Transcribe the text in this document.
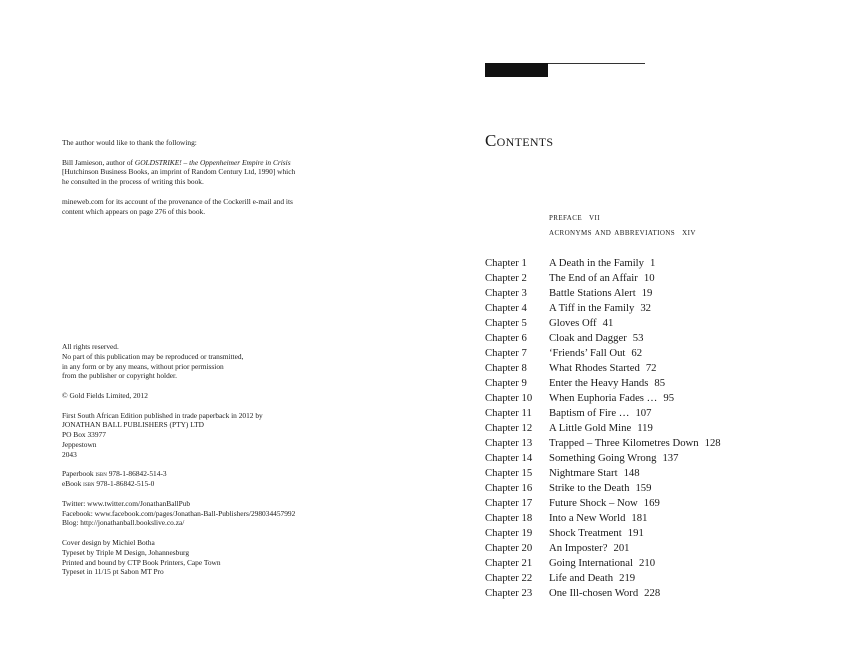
The author would like to thank the following:

Bill Jamieson, author of GOLDSTRIKE! – the Oppenheimer Empire in Crisis

[Hutchinson Business Books, an imprint of Random Century Ltd, 1990] which

he consulted in the process of writing this book.

mineweb.com for its account of the provenance of the Cockerill e-mail and its

content which appears on page 276 of this book.

All rights reserved.

No part of this publication may be reproduced or transmitted,

in any form or by any means, without prior permission

from the publisher or copyright holder.

© Gold Fields Limited, 2012

First South African Edition published in trade paperback in 2012 by

JONATHAN BALL PUBLISHERS (PTY) LTD

PO Box 33977

Jeppestown

2043

Paperbook isbn 978-1-86842-514-3

eBook isbn 978-1-86842-515-0

Twitter: www.twitter.com/JonathanBallPub

Facebook: www.facebook.com/pages/Jonathan-Ball-Publishers/298034457992

Blog: http://jonathanball.bookslive.co.za/

Cover design by Michiel Botha

Typeset by Triple M Design, Johannesburg

Printed and bound by CTP Book Printers, Cape Town

Typeset in 11/15 pt Sabon MT Pro

Contents
preface vii
acronyms and abbreviations xiv
Chapter 1	A Death in the Family 1
Chapter 2	The End of an Affair 10
Chapter 3	Battle Stations Alert 19
Chapter 4	A Tiff in the Family 32
Chapter 5	Gloves Off 41
Chapter 6	Cloak and Dagger 53
Chapter 7	‘Friends’ Fall Out 62
Chapter 8	What Rhodes Started 72
Chapter 9	Enter the Heavy Hands 85
Chapter 10	When Euphoria Fades … 95
Chapter 11	Baptism of Fire … 107
Chapter 12	A Little Gold Mine 119
Chapter 13	Trapped – Three Kilometres Down 128
Chapter 14	Something Going Wrong 137
Chapter 15	Nightmare Start 148
Chapter 16	Strike to the Death 159
Chapter 17	Future Shock – Now 169
Chapter 18	Into a New World 181
Chapter 19	Shock Treatment 191
Chapter 20	An Imposter? 201
Chapter 21	Going International 210
Chapter 22	Life and Death 219
Chapter 23	One Ill-chosen Word 228
